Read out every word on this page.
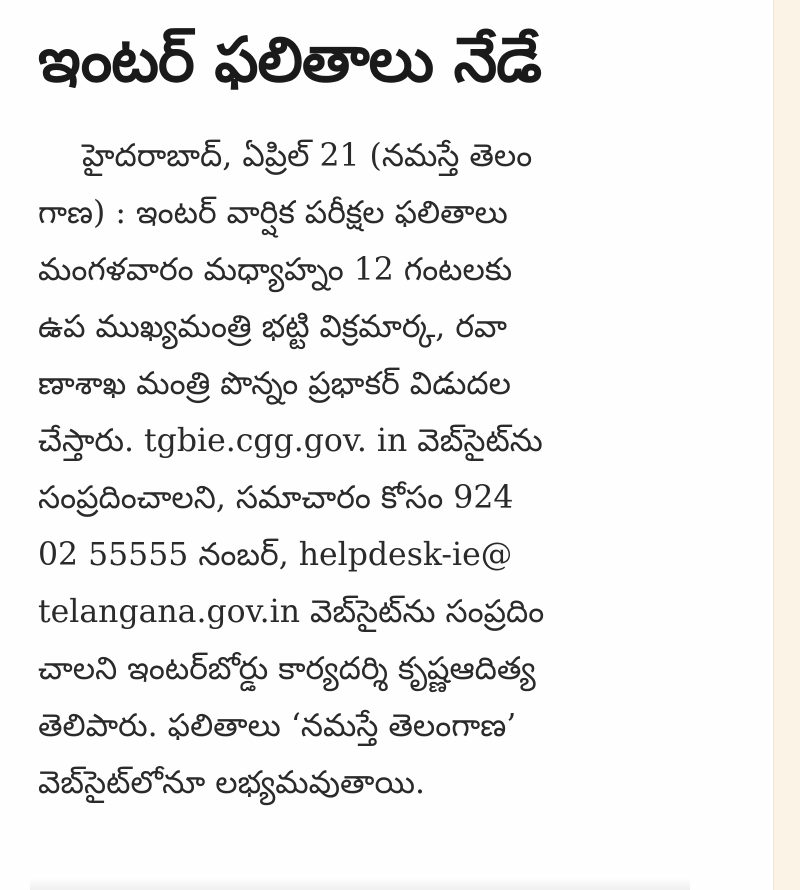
ఇంటర్ ఫలితాలు నేడే
హైదరాబాద్, ఏప్రిల్ 21 (నమస్తే తెలం
గాణ) : ఇంటర్ వార్షిక పరీక్షల ఫలితాలు
మంగళవారం మధ్యాహ్నం 12 గంటలకు
ఉప ముఖ్యమంత్రి భట్టి విక్రమార్క, రవా
ణాశాఖ మంత్రి పొన్నం ప్రభాకర్ విడుదల
చేస్తారు. tgbie.cgg.gov. in వెబ్‌సైట్‌ను
సంప్రదించాలని, సమాచారం కోసం 924
02 55555 నంబర్, helpdesk-ie@
telangana.gov.in వెబ్‌సైట్‌ను సంప్రదిం
చాలని ఇంటర్‌బోర్డు కార్యదర్శి కృష్ణఆదిత్య
తెలిపారు. ఫలితాలు ‘నమస్తే తెలంగాణ’
వెబ్‌సైట్‌లోనూ లభ్యమవుతాయి.
